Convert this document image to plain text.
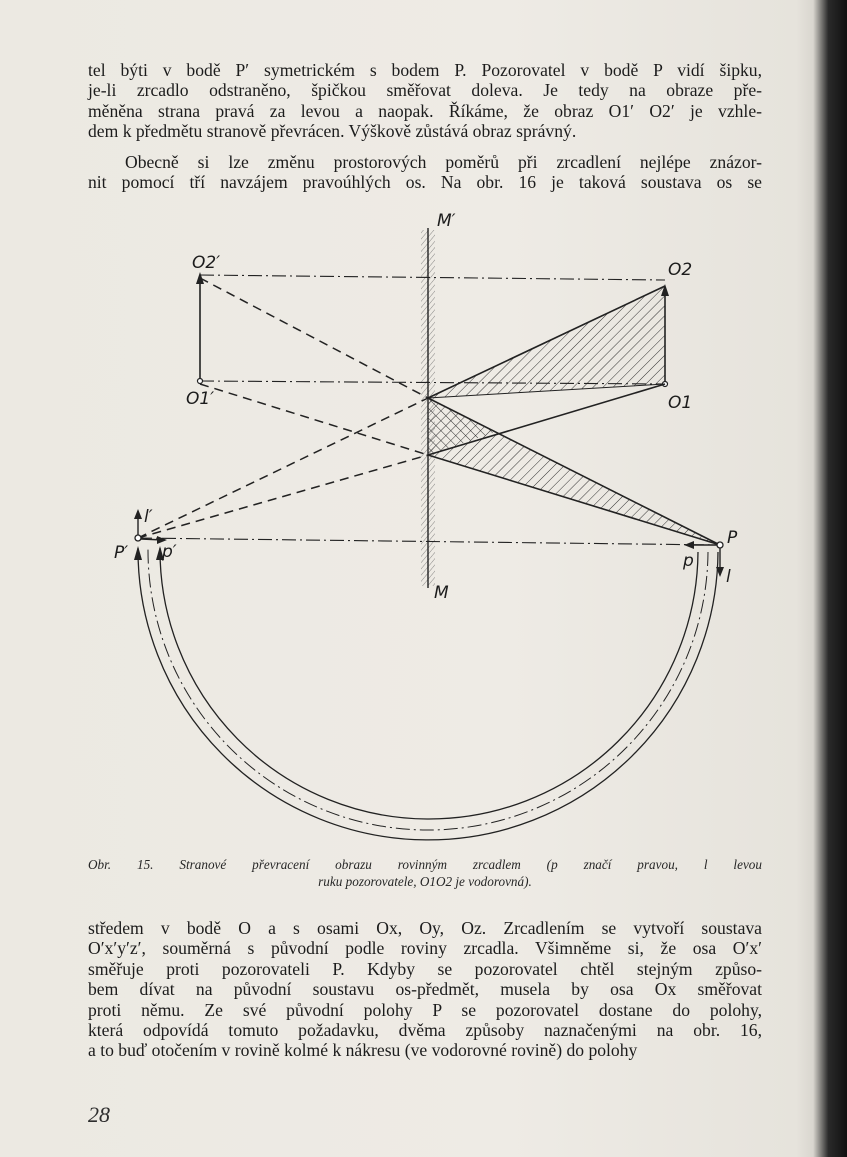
tel býti v bodě P′ symetrickém s bodem P. Pozorovatel v bodě P vidí šipku,
je-li zrcadlo odstraněno, špičkou směřovat doleva. Je tedy na obraze pře-
měněna strana pravá za levou a naopak. Říkáme, že obraz O1′ O2′ je vzhle-
dem k předmětu stranově převrácen. Výškově zůstává obraz správný.

Obecně si lze změnu prostorových poměrů při zrcadlení nejlépe znázor-
nit pomocí tří navzájem pravoúhlých os. Na obr. 16 je taková soustava os se

M′
M
O2′
O1′
O2
O1
P
P′	p
p′
l
l′
Obr. 15. Stranové převracení obrazu rovinným zrcadlem (p značí pravou, l levou
ruku pozorovatele, O1O2 je vodorovná).

středem v bodě O a s osami Ox, Oy, Oz. Zrcadlením se vytvoří soustava
O′x′y′z′, souměrná s původní podle roviny zrcadla. Všimněme si, že osa O′x′
směřuje proti pozorovateli P. Kdyby se pozorovatel chtěl stejným způso-
bem dívat na původní soustavu os-předmět, musela by osa Ox směřovat
proti němu. Ze své původní polohy P se pozorovatel dostane do polohy,
která odpovídá tomuto požadavku, dvěma způsoby naznačenými na obr. 16,
a to buď otočením v rovině kolmé k nákresu (ve vodorovné rovině) do polohy

28
